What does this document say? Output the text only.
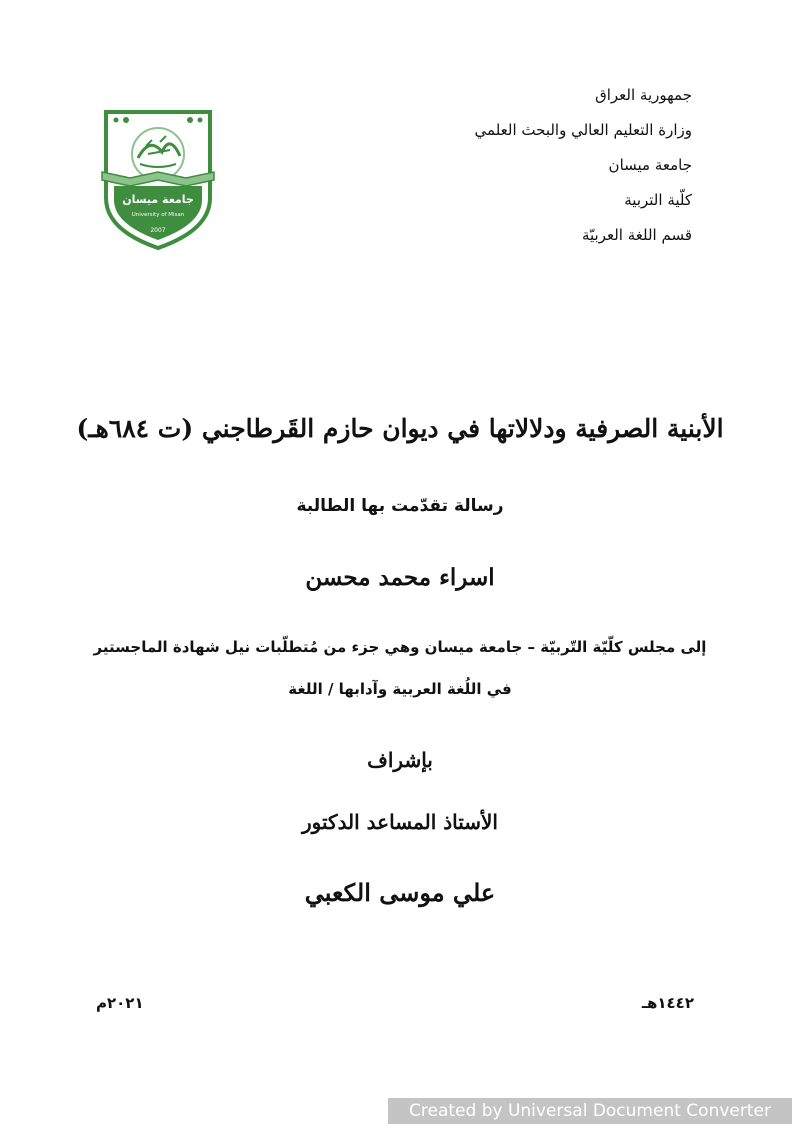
جمهورية العراق
وزارة التعليم العالي والبحث العلمي
جامعة ميسان
كلّية التربية
قسم اللغة العربيّة
جامعة ميسان
University of Misan
2007
الأبنية الصرفية ودلالاتها في ديوان حازم القَرطاجني (ت ٦٨٤هـ)
رسالة تقدّمت بها الطالبة
اسراء محمد محسن
إلى مجلس كلّيّة التّربيّة – جامعة ميسان وهي جزء من مُتطلّبات نيل شهادة الماجستير
في اللُغة العربية وآدابها / اللغة
بإشراف
الأستاذ المساعد الدكتور
علي موسى الكعبي
١٤٤٢هـ
٢٠٢١م
Created by Universal Document Converter
